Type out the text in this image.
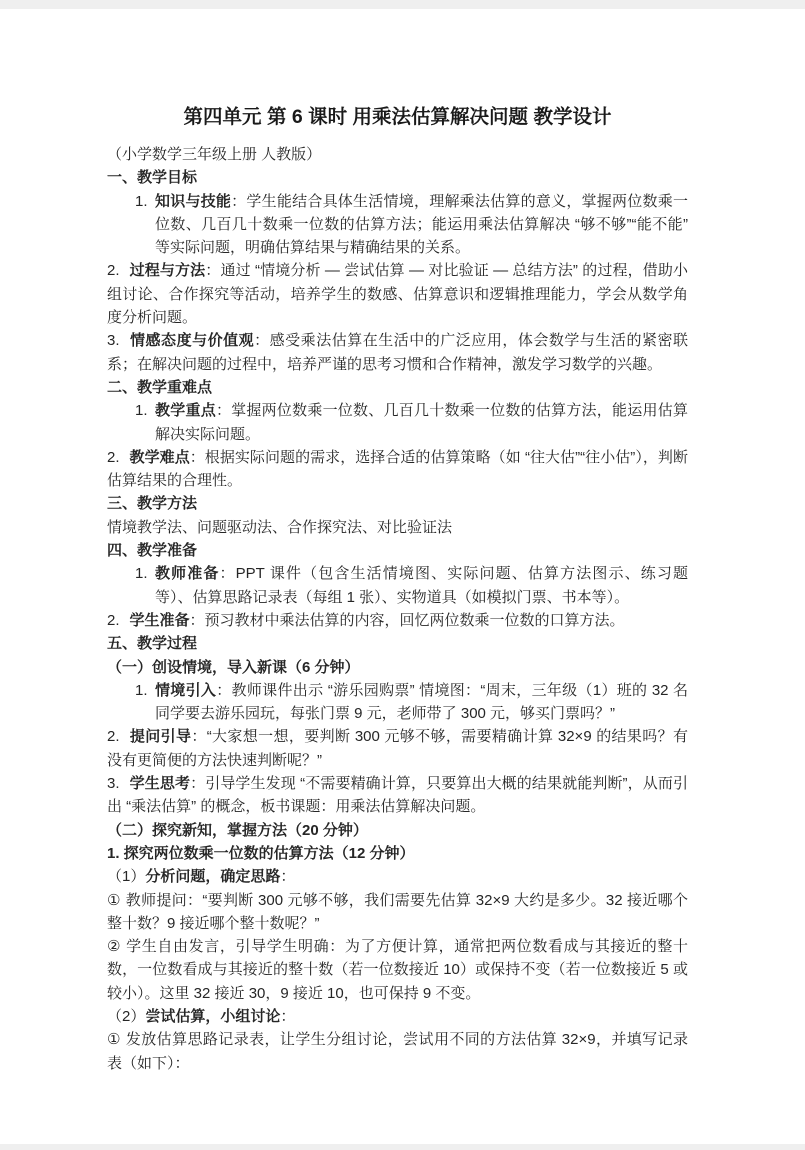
第四单元 第 6 课时 用乘法估算解决问题 教学设计

（小学数学三年级上册 人教版）

一、教学目标

1. 知识与技能：学生能结合具体生活情境，理解乘法估算的意义，掌握两位数乘一位数、几百几十数乘一位数的估算方法；能运用乘法估算解决 “够不够”“能不能” 等实际问题，明确估算结果与精确结果的关系。

2. 过程与方法：通过 “情境分析 — 尝试估算 — 对比验证 — 总结方法” 的过程，借助小组讨论、合作探究等活动，培养学生的数感、估算意识和逻辑推理能力，学会从数学角度分析问题。

3. 情感态度与价值观：感受乘法估算在生活中的广泛应用，体会数学与生活的紧密联系；在解决问题的过程中，培养严谨的思考习惯和合作精神，激发学习数学的兴趣。

二、教学重难点

1. 教学重点：掌握两位数乘一位数、几百几十数乘一位数的估算方法，能运用估算解决实际问题。

2. 教学难点：根据实际问题的需求，选择合适的估算策略（如 “往大估”“往小估”），判断估算结果的合理性。

三、教学方法

情境教学法、问题驱动法、合作探究法、对比验证法

四、教学准备

1. 教师准备：PPT 课件（包含生活情境图、实际问题、估算方法图示、练习题等）、估算思路记录表（每组 1 张）、实物道具（如模拟门票、书本等）。

2. 学生准备：预习教材中乘法估算的内容，回忆两位数乘一位数的口算方法。

五、教学过程

（一）创设情境，导入新课（6 分钟）

1. 情境引入：教师课件出示 “游乐园购票” 情境图：“周末，三年级（1）班的 32 名同学要去游乐园玩，每张门票 9 元，老师带了 300 元，够买门票吗？”

2. 提问引导：“大家想一想，要判断 300 元够不够，需要精确计算 32×9 的结果吗？有没有更简便的方法快速判断呢？”

3. 学生思考：引导学生发现 “不需要精确计算，只要算出大概的结果就能判断”，从而引出 “乘法估算” 的概念，板书课题：用乘法估算解决问题。

（二）探究新知，掌握方法（20 分钟）

1. 探究两位数乘一位数的估算方法（12 分钟）

（1）分析问题，确定思路：

① 教师提问：“要判断 300 元够不够，我们需要先估算 32×9 大约是多少。32 接近哪个整十数？9 接近哪个整十数呢？”

② 学生自由发言，引导学生明确：为了方便计算，通常把两位数看成与其接近的整十数，一位数看成与其接近的整十数（若一位数接近 10）或保持不变（若一位数接近 5 或较小）。这里 32 接近 30，9 接近 10，也可保持 9 不变。

（2）尝试估算，小组讨论：

① 发放估算思路记录表，让学生分组讨论，尝试用不同的方法估算 32×9，并填写记录表（如下）：
